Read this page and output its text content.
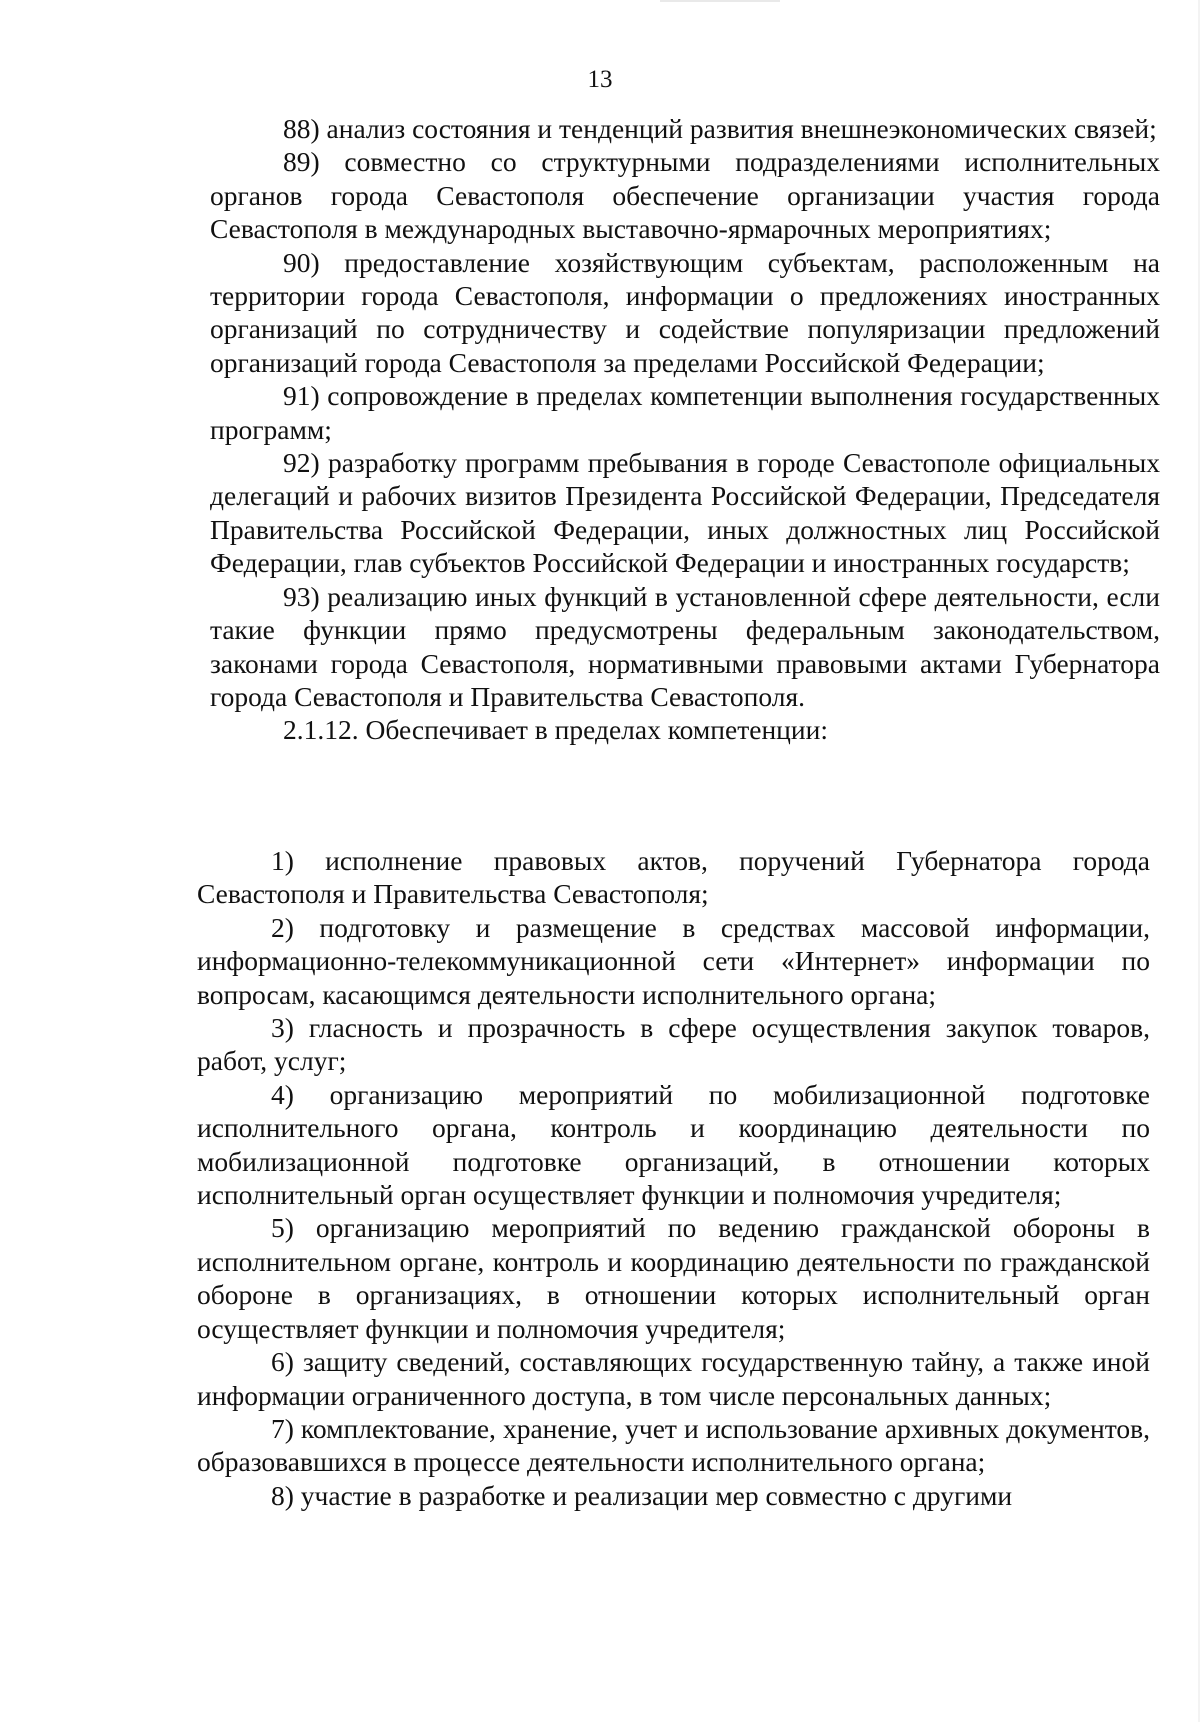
13

88) анализ состояния и тенденций развития внешнеэкономических связей;

89) совместно со структурными подразделениями исполнительных органов города Севастополя обеспечение организации участия города Севастополя в международных выставочно-ярмарочных мероприятиях;

90) предоставление хозяйствующим субъектам, расположенным на территории города Севастополя, информации о предложениях иностранных организаций по сотрудничеству и содействие популяризации предложений организаций города Севастополя за пределами Российской Федерации;

91) сопровождение в пределах компетенции выполнения государственных программ;

92) разработку программ пребывания в городе Севастополе официальных делегаций и рабочих визитов Президента Российской Федерации, Председателя Правительства Российской Федерации, иных должностных лиц Российской Федерации, глав субъектов Российской Федерации и иностранных государств;

93) реализацию иных функций в установленной сфере деятельности, если такие функции прямо предусмотрены федеральным законодательством, законами города Севастополя, нормативными правовыми актами Губернатора города Севастополя и Правительства Севастополя.

2.1.12. Обеспечивает в пределах компетенции:

1) исполнение правовых актов, поручений Губернатора города Севастополя и Правительства Севастополя;

2) подготовку и размещение в средствах массовой информации, информационно-телекоммуникационной сети «Интернет» информации по вопросам, касающимся деятельности исполнительного органа;

3) гласность и прозрачность в сфере осуществления закупок товаров, работ, услуг;

4) организацию мероприятий по мобилизационной подготовке исполнительного органа, контроль и координацию деятельности по мобилизационной подготовке организаций, в отношении которых исполнительный орган осуществляет функции и полномочия учредителя;

5) организацию мероприятий по ведению гражданской обороны в исполнительном органе, контроль и координацию деятельности по гражданской обороне в организациях, в отношении которых исполнительный орган осуществляет функции и полномочия учредителя;

6) защиту сведений, составляющих государственную тайну, а также иной информации ограниченного доступа, в том числе персональных данных;

7) комплектование, хранение, учет и использование архивных документов, образовавшихся в процессе деятельности исполнительного органа;

8) участие в разработке и реализации мер совместно с другими
